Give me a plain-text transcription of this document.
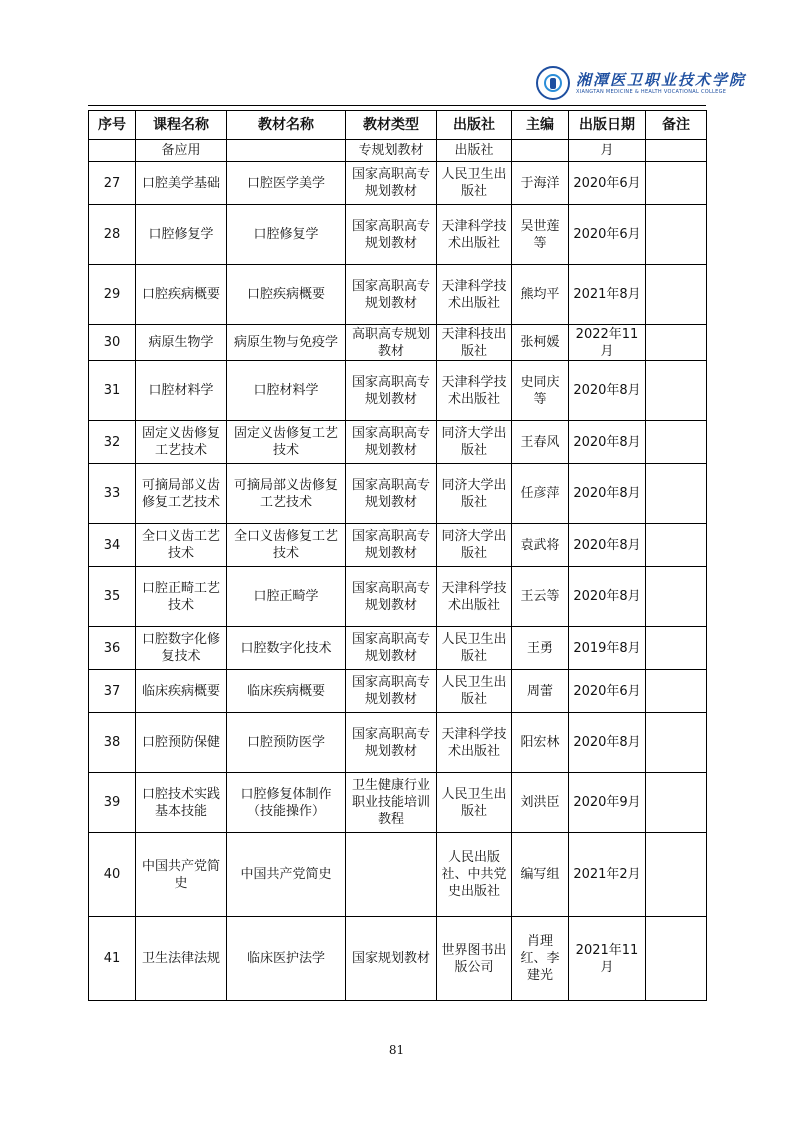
湘潭医卫职业技术学院
XIANGTAN MEDICINE & HEALTH VOCATIONAL COLLEGE
序号	课程名称	教材名称	教材类型	出版社	主编	出版日期	备注
	备应用		专规划教材	出版社		月	
27	口腔美学基础	口腔医学美学	国家高职高专规划教材	人民卫生出版社	于海洋	2020年6月	
28	口腔修复学	口腔修复学	国家高职高专规划教材	天津科学技术出版社	吴世莲等	2020年6月	
29	口腔疾病概要	口腔疾病概要	国家高职高专规划教材	天津科学技术出版社	熊均平	2021年8月	
30	病原生物学	病原生物与免疫学	高职高专规划教材	天津科技出版社	张柯媛	2022年11月	
31	口腔材料学	口腔材料学	国家高职高专规划教材	天津科学技术出版社	史同庆等	2020年8月	
32	固定义齿修复工艺技术	固定义齿修复工艺技术	国家高职高专规划教材	同济大学出版社	王春风	2020年8月	
33	可摘局部义齿修复工艺技术	可摘局部义齿修复工艺技术	国家高职高专规划教材	同济大学出版社	任彦萍	2020年8月	
34	全口义齿工艺技术	全口义齿修复工艺技术	国家高职高专规划教材	同济大学出版社	袁武将	2020年8月	
35	口腔正畸工艺技术	口腔正畸学	国家高职高专规划教材	天津科学技术出版社	王云等	2020年8月	
36	口腔数字化修复技术	口腔数字化技术	国家高职高专规划教材	人民卫生出版社	王勇	2019年8月	
37	临床疾病概要	临床疾病概要	国家高职高专规划教材	人民卫生出版社	周蕾	2020年6月	
38	口腔预防保健	口腔预防医学	国家高职高专规划教材	天津科学技术出版社	阳宏林	2020年8月	
39	口腔技术实践基本技能	口腔修复体制作（技能操作）	卫生健康行业职业技能培训教程	人民卫生出版社	刘洪臣	2020年9月	
40	中国共产党简史	中国共产党简史		人民出版社、中共党史出版社	编写组	2021年2月	
41	卫生法律法规	临床医护法学	国家规划教材	世界图书出版公司	肖理红、李建光	2021年11月	
81
